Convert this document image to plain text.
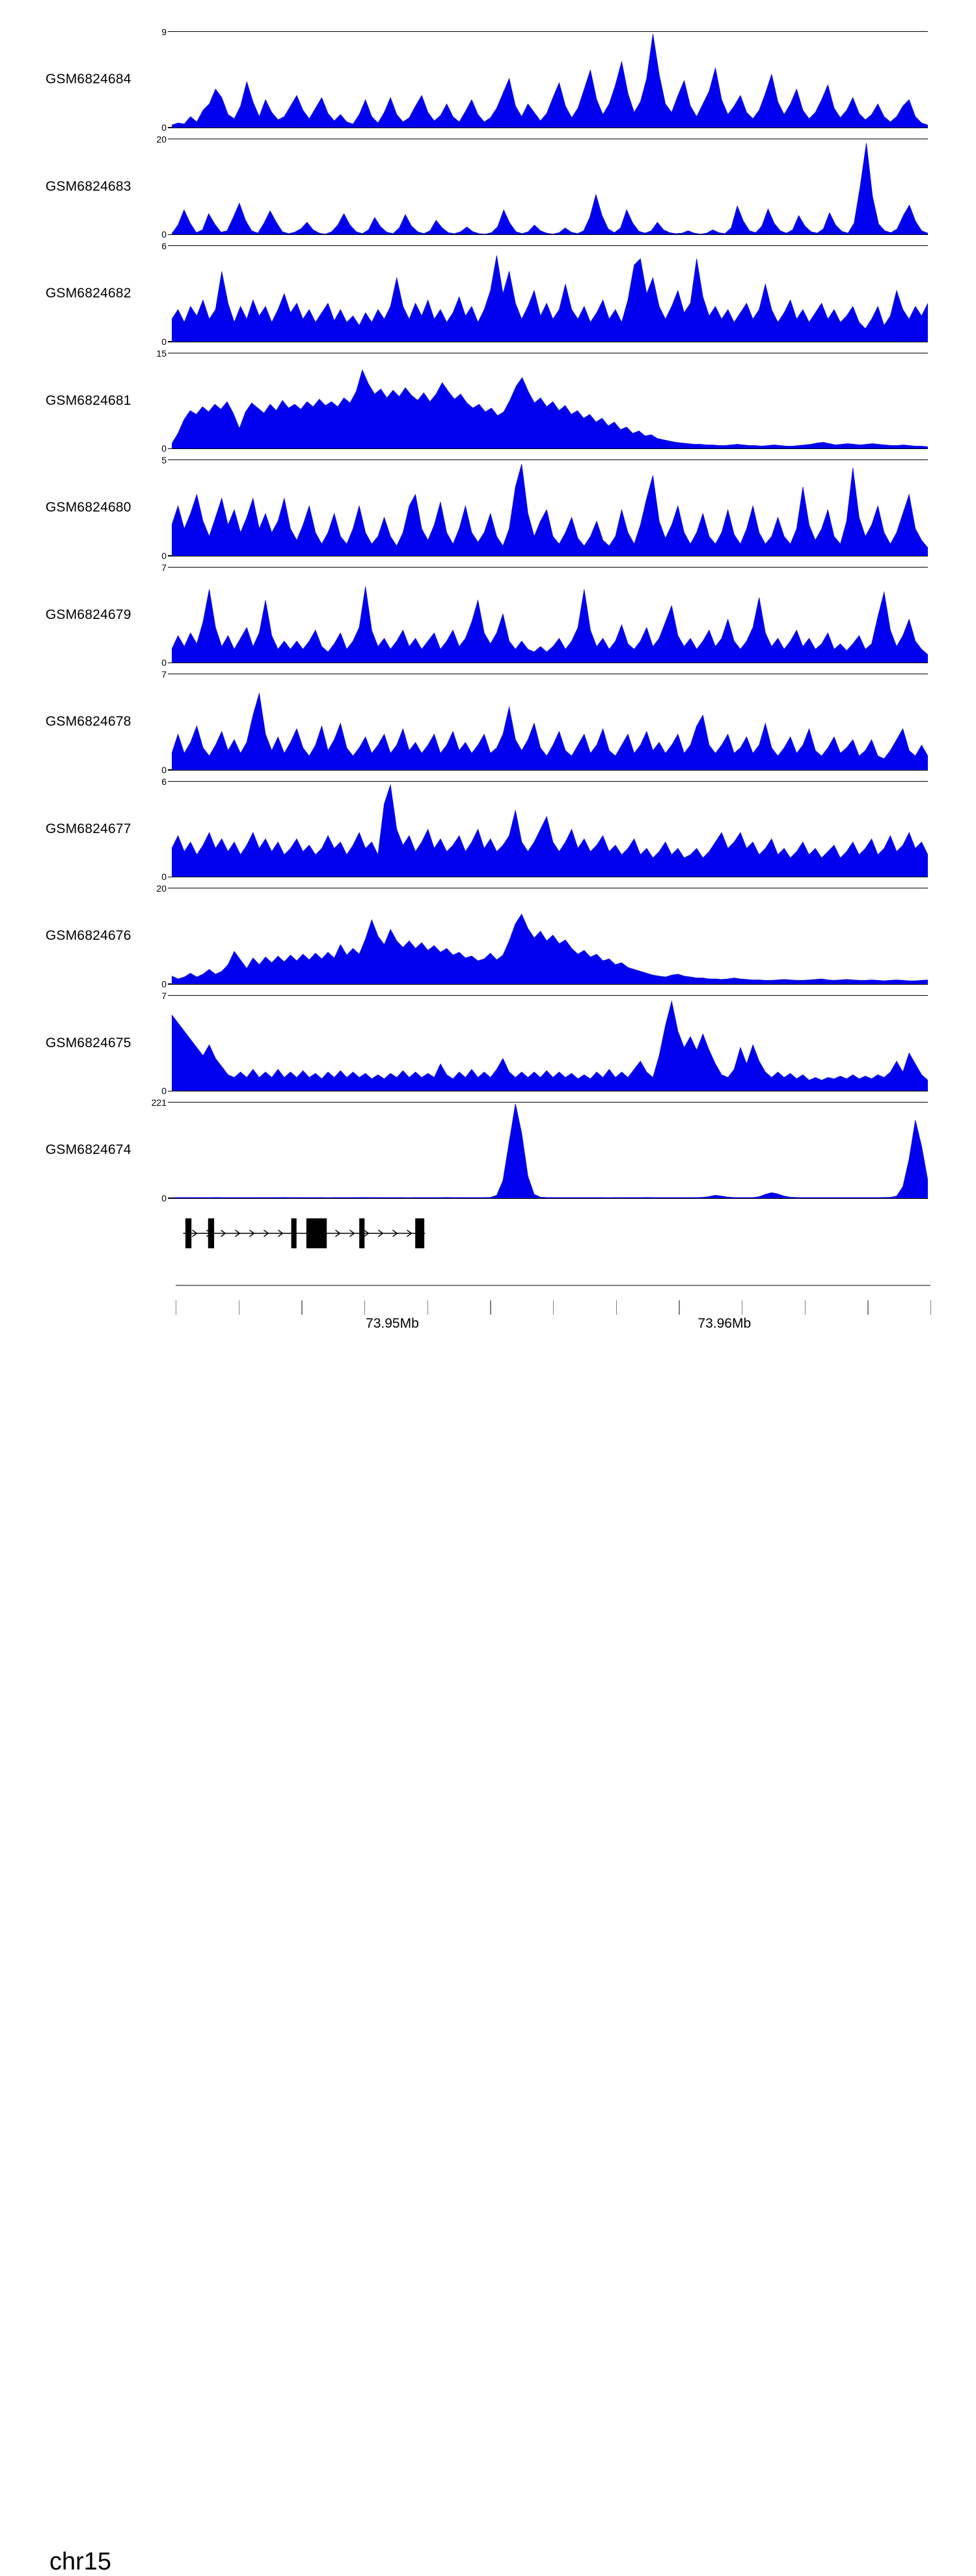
GSM6824684
9
0
GSM6824683
20
0
GSM6824682
6
0
GSM6824681
15
0
GSM6824680
5
0
GSM6824679
7
0
GSM6824678
7
0
GSM6824677
6
0
GSM6824676
20
0
GSM6824675
7
0
GSM6824674
221
0
chr15
73.95Mb	73.96Mb
